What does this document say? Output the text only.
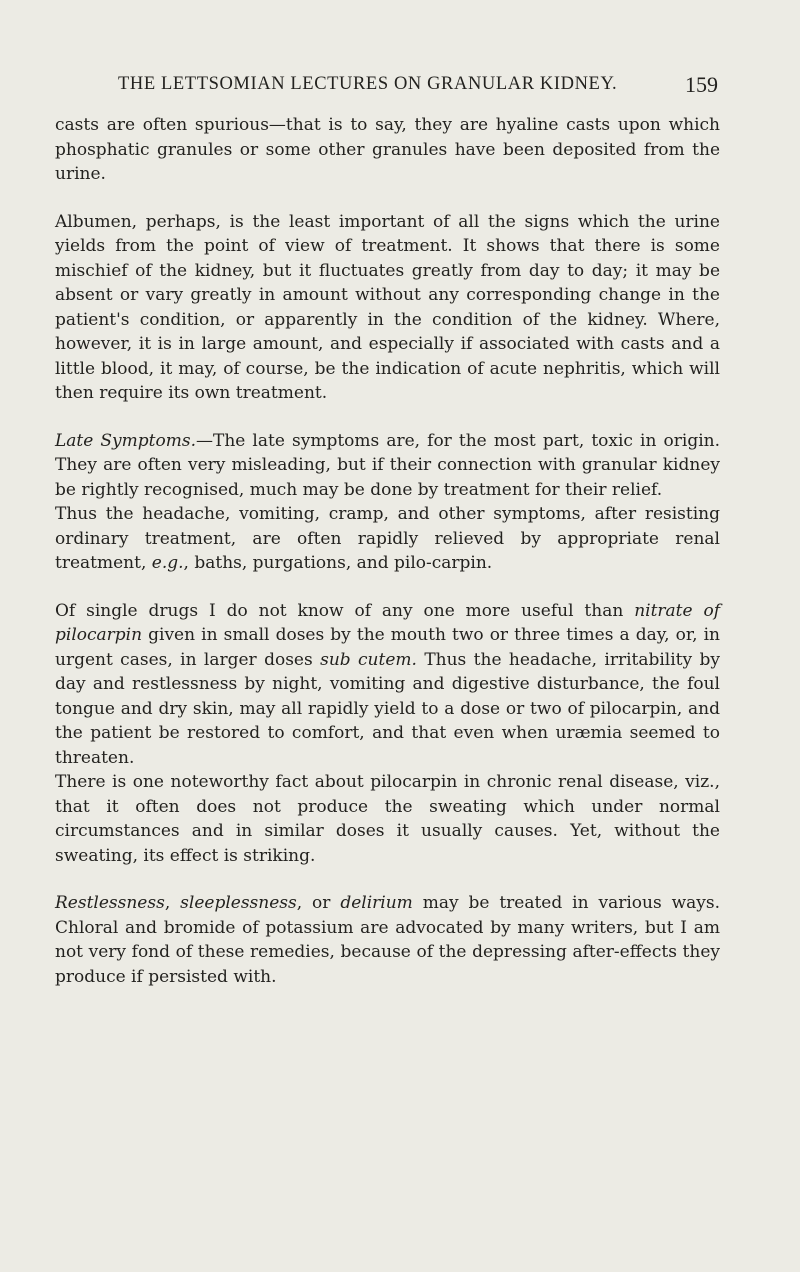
THE LETTSOMIAN LECTURES ON GRANULAR KIDNEY.	159

casts are often spurious—that is to say, they are hyaline casts upon which phosphatic granules or some other granules have been deposited from the urine.

Albumen, perhaps, is the least important of all the signs which the urine yields from the point of view of treatment. It shows that there is some mischief of the kidney, but it fluctuates greatly from day to day; it may be absent or vary greatly in amount without any corresponding change in the patient's condition, or apparently in the condition of the kidney. Where, however, it is in large amount, and especially if associated with casts and a little blood, it may, of course, be the indication of acute nephritis, which will then require its own treatment.

Late Symptoms.—The late symptoms are, for the most part, toxic in origin. They are often very misleading, but if their connection with granular kidney be rightly recognised, much may be done by treatment for their relief.

Thus the headache, vomiting, cramp, and other symptoms, after resisting ordinary treatment, are often rapidly relieved by appropriate renal treatment, e.g., baths, purgations, and pilo-carpin.

Of single drugs I do not know of any one more useful than nitrate of pilocarpin given in small doses by the mouth two or three times a day, or, in urgent cases, in larger doses sub cutem. Thus the headache, irritability by day and restlessness by night, vomiting and digestive disturbance, the foul tongue and dry skin, may all rapidly yield to a dose or two of pilocarpin, and the patient be restored to comfort, and that even when uræmia seemed to threaten.

There is one noteworthy fact about pilocarpin in chronic renal disease, viz., that it often does not produce the sweating which under normal circumstances and in similar doses it usually causes. Yet, without the sweating, its effect is striking.

Restlessness, sleeplessness, or delirium may be treated in various ways. Chloral and bromide of potassium are advocated by many writers, but I am not very fond of these remedies, because of the depressing after-effects they produce if persisted with.
